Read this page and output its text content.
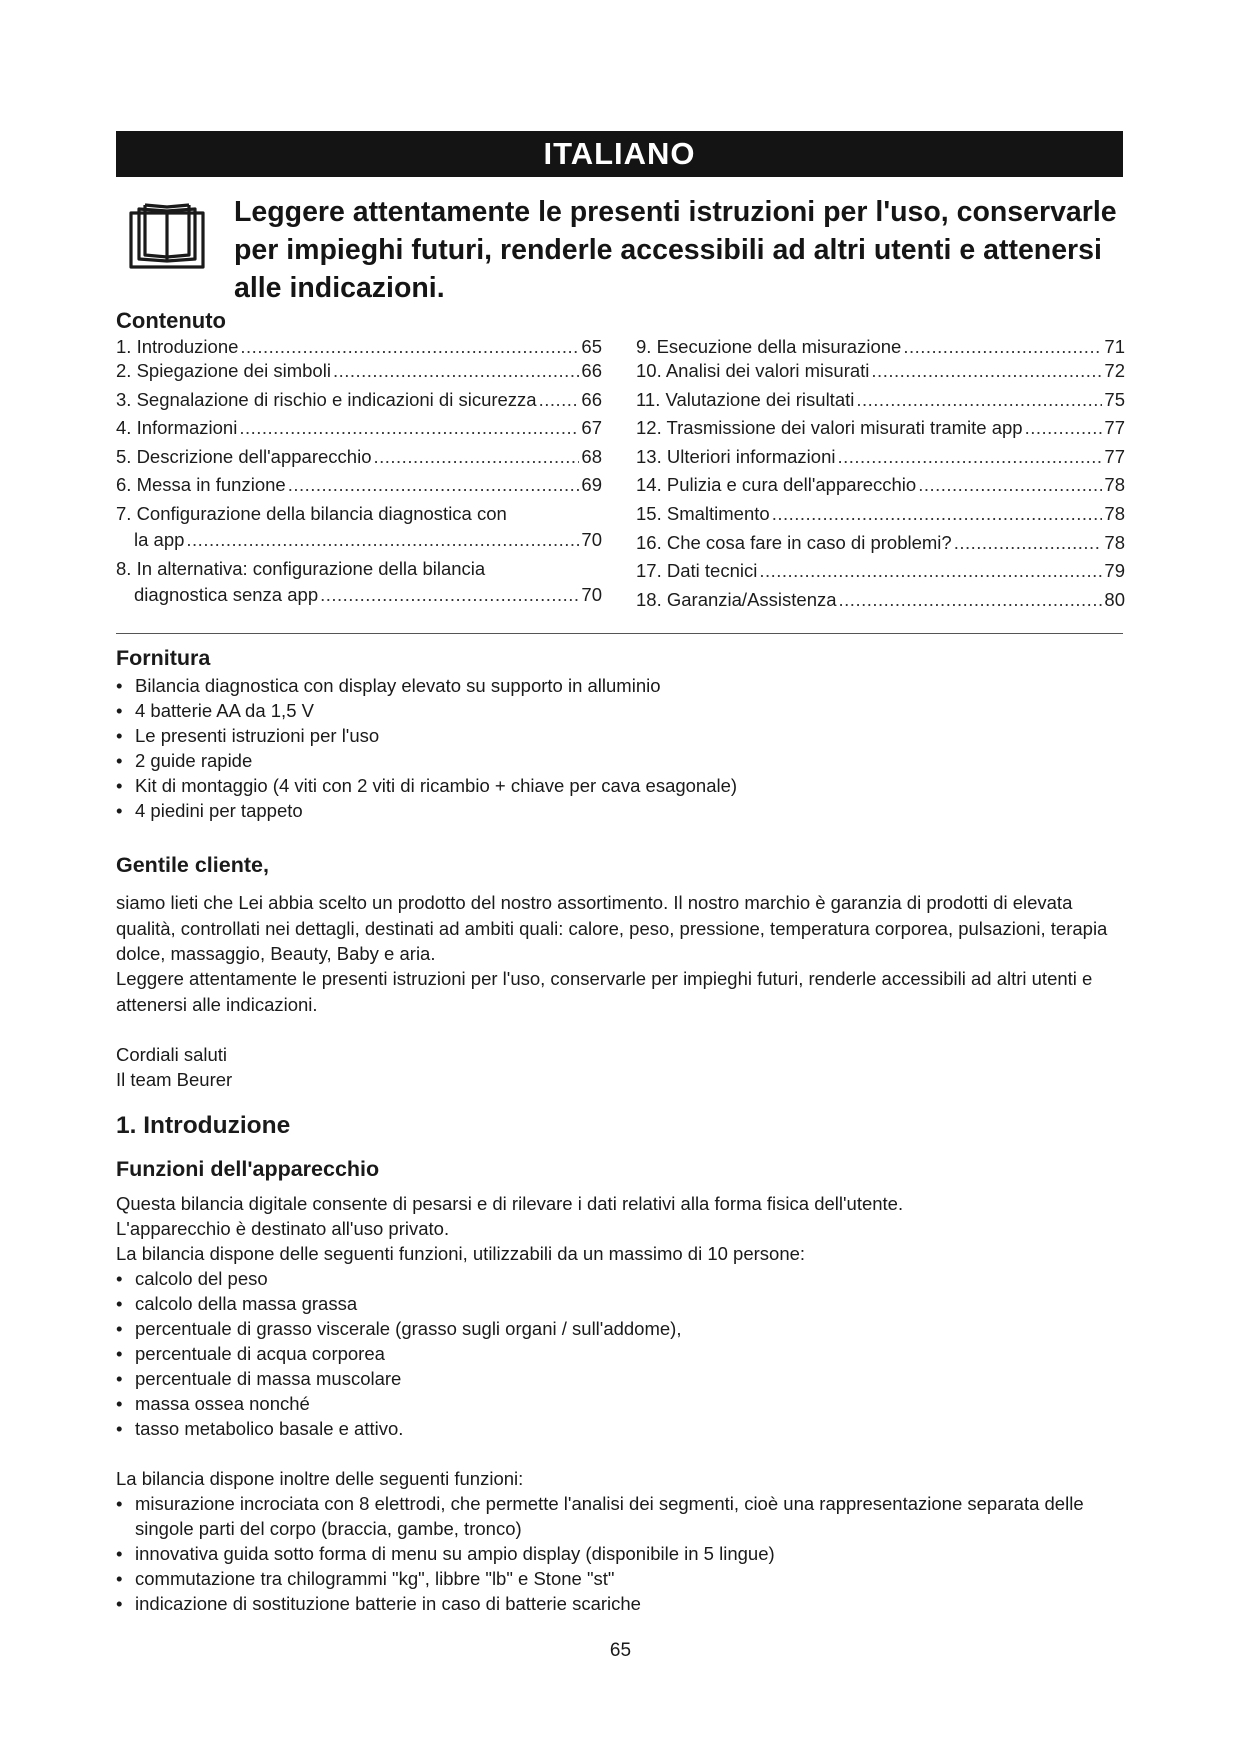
ITALIANO
Leggere attentamente le presenti istruzioni per l'uso, conservarle per impieghi futuri, renderle accessibili ad altri utenti e attenersi alle indicazioni.
Contenuto
1. Introduzione .....	65
2. Spiegazione dei simboli .....	66
3. Segnalazione di rischio e indicazioni di sicurezza ..... 66
4. Informazioni .....	67
5. Descrizione dell'apparecchio .....	68
6. Messa in funzione .....	69
7. Configurazione della bilancia diagnostica con
la app .....	70
8. In alternativa: configurazione della bilancia
diagnostica senza app .....	70
9. Esecuzione della misurazione .....	71
10. Analisi dei valori misurati .....	72
11. Valutazione dei risultati .....	75
12. Trasmissione dei valori misurati tramite app .....	77
13. Ulteriori informazioni .....	77
14. Pulizia e cura dell'apparecchio .....	78
15. Smaltimento .....	78
16. Che cosa fare in caso di problemi? .....	78
17. Dati tecnici .....	79
18. Garanzia/Assistenza .....	80
Fornitura
• Bilancia diagnostica con display elevato su supporto in alluminio
• 4 batterie AA da 1,5 V
• Le presenti istruzioni per l'uso
• 2 guide rapide
• Kit di montaggio (4 viti con 2 viti di ricambio + chiave per cava esagonale)
• 4 piedini per tappeto
Gentile cliente,

siamo lieti che Lei abbia scelto un prodotto del nostro assortimento. Il nostro marchio è garanzia di prodotti di elevata qualità, controllati nei dettagli, destinati ad ambiti quali: calore, peso, pressione, temperatura corporea, pulsazioni, terapia dolce, massaggio, Beauty, Baby e aria.

Leggere attentamente le presenti istruzioni per l'uso, conservarle per impieghi futuri, renderle accessibili ad altri utenti e attenersi alle indicazioni.

Cordiali saluti

Il team Beurer

1. Introduzione
Funzioni dell'apparecchio

Questa bilancia digitale consente di pesarsi e di rilevare i dati relativi alla forma fisica dell'utente.

L'apparecchio è destinato all'uso privato.

La bilancia dispone delle seguenti funzioni, utilizzabili da un massimo di 10 persone:

• calcolo del peso
• calcolo della massa grassa
• percentuale di grasso viscerale (grasso sugli organi / sull'addome),
• percentuale di acqua corporea
• percentuale di massa muscolare
• massa ossea nonché
• tasso metabolico basale e attivo.

La bilancia dispone inoltre delle seguenti funzioni:

• misurazione incrociata con 8 elettrodi, che permette l'analisi dei segmenti, cioè una rappresentazione separata delle singole parti del corpo (braccia, gambe, tronco)
• innovativa guida sotto forma di menu su ampio display (disponibile in 5 lingue)
• commutazione tra chilogrammi "kg", libbre "lb" e Stone "st"
• indicazione di sostituzione batterie in caso di batterie scariche
65
